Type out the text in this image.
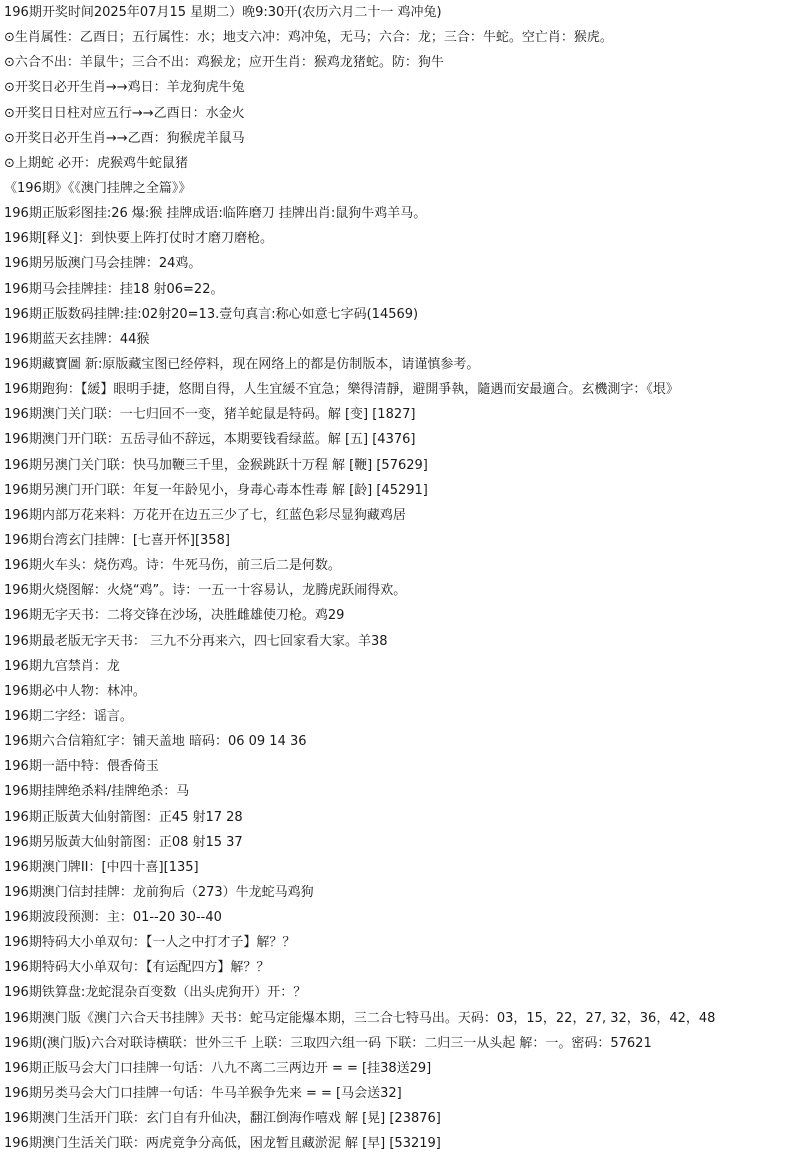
196期开奖时间2025年07月15 星期二）晚9:30开(农历六月二十一 鸡冲兔)
⊙生肖属性：乙酉日；五行属性：水；地支六冲：鸡冲兔，无马；六合：龙；三合：牛蛇。空亡肖：猴虎。
⊙六合不出：羊鼠牛；三合不出：鸡猴龙；应开生肖：猴鸡龙猪蛇。防：狗牛
⊙开奖日必开生肖→→鸡日：羊龙狗虎牛兔
⊙开奖日日柱对应五行→→乙酉日：水金火
⊙开奖日必开生肖→→乙酉：狗猴虎羊鼠马
⊙上期蛇 必开：虎猴鸡牛蛇鼠猪
《196期》《《澳门挂牌之全篇》》
196期正版彩图挂:26 爆:猴 挂牌成语:临阵磨刀 挂牌出肖:鼠狗牛鸡羊马。
196期[释义]：到快要上阵打仗时才磨刀磨枪。
196期另版澳门马会挂牌：24鸡。
196期马会挂牌挂：挂18 射06=22。
196期正版数码挂牌:挂:02射20=13.壹句真言:称心如意七字码(14569)
196期蓝天玄挂牌：44猴
196期藏寶圖 新:原版藏宝图已经停料，现在网络上的都是仿制版本，请谨慎参考。
196期跑狗：【緩】眼明手捷，悠閒自得，人生宜緩不宜急；樂得清靜，避開爭執，隨遇而安最適合。玄機測字：《垠》
196期澳门关门联：一七归回不一变，猪羊蛇鼠是特码。解 [变] [1827]
196期澳门开门联：五岳寻仙不辞远，本期要钱看绿蓝。解 [五] [4376]
196期另澳门关门联：快马加鞭三千里，金猴跳跃十万程 解 [鞭] [57629]
196期另澳门开门联：年复一年龄见小，身毒心毒本性毒 解 [龄] [45291]
196期内部万花来料：万花开在边五三少了七，红蓝色彩尽显狗藏鸡居
196期台湾玄门挂牌：[七喜开怀][358]
196期火车头：烧伤鸡。诗：牛死马伤，前三后二是何数。
196期火烧图解：火烧“鸡”。诗：一五一十容易认，龙腾虎跃闹得欢。
196期无字天书：二将交锋在沙场，决胜雌雄使刀枪。鸡29
196期最老版无字天书： 三九不分再来六，四七回家看大家。羊38
196期九宫禁肖：龙
196期必中人物：林冲。
196期二字经：谣言。
196期六合信箱紅字：铺天盖地 暗码：06 09 14 36
196期一語中特：偎香倚玉
196期挂牌绝杀料/挂牌绝杀：马
196期正版黃大仙射箭图：正45 射17 28
196期另版黃大仙射箭图：正08 射15 37
196期澳门牌II：[中四十喜][135]
196期澳门信封挂牌：龙前狗后（273）牛龙蛇马鸡狗
196期波段预测：主：01--20 30--40
196期特码大小单双句：【一人之中打才子】解？？
196期特码大小单双句：【有运配四方】解？？
196期铁算盘:龙蛇混杂百变数（出头虎狗开）开：？
196期澳门版《澳门六合天书挂牌》天书：蛇马定能爆本期，三二合七特马出。天码：03，15，22，27, 32，36，42，48
196期(澳门版)六合对联诗横联：世外三千 上联：三取四六组一码 下联：二归三一从头起 解：一。密码：57621
196期正版马会大门口挂牌一句话：八九不离二三两边开 = = [挂38送29]
196期另类马会大门口挂牌一句话：牛马羊猴争先来 = = [马会送32]
196期澳门生活开门联：玄门自有升仙决，翻江倒海作嘻戏 解 [晃] [23876]
196期澳门生活关门联：两虎竟争分高低，困龙暂且藏淤泥 解 [早] [53219]
